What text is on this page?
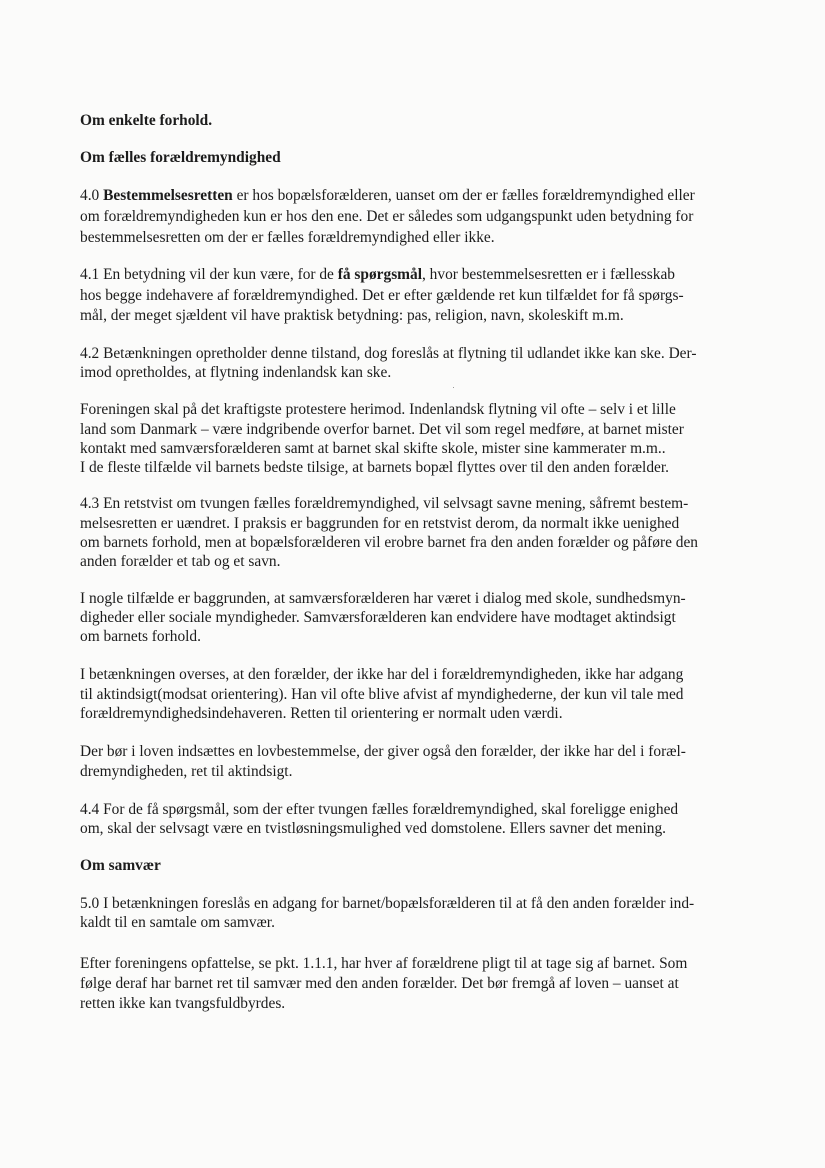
Om enkelte forhold.
Om fælles forældremyndighed
4.0 Bestemmelsesretten er hos bopælsforælderen, uanset om der er fælles forældremyndighed eller
om forældremyndigheden kun er hos den ene. Det er således som udgangspunkt uden betydning for
bestemmelsesretten om der er fælles forældremyndighed eller ikke.
4.1 En betydning vil der kun være, for de få spørgsmål, hvor bestemmelsesretten er i fællesskab
hos begge indehavere af forældremyndighed. Det er efter gældende ret kun tilfældet for få spørgs-
mål, der meget sjældent vil have praktisk betydning: pas, religion, navn, skoleskift m.m.
4.2 Betænkningen opretholder denne tilstand, dog foreslås at flytning til udlandet ikke kan ske. Der-
imod opretholdes, at flytning indenlandsk kan ske.
Foreningen skal på det kraftigste protestere herimod. Indenlandsk flytning vil ofte – selv i et lille
land som Danmark – være indgribende overfor barnet. Det vil som regel medføre, at barnet mister
kontakt med samværsforælderen samt at barnet skal skifte skole, mister sine kammerater m.m..
I de fleste tilfælde vil barnets bedste tilsige, at barnets bopæl flyttes over til den anden forælder.
4.3 En retstvist om tvungen fælles forældremyndighed, vil selvsagt savne mening, såfremt bestem-
melsesretten er uændret. I praksis er baggrunden for en retstvist derom, da normalt ikke uenighed
om barnets forhold, men at bopælsforælderen vil erobre barnet fra den anden forælder og påføre den
anden forælder et tab og et savn.
I nogle tilfælde er baggrunden, at samværsforælderen har været i dialog med skole, sundhedsmyn-
digheder eller sociale myndigheder. Samværsforælderen kan endvidere have modtaget aktindsigt
om barnets forhold.
I betænkningen overses, at den forælder, der ikke har del i forældremyndigheden, ikke har adgang
til aktindsigt(modsat orientering). Han vil ofte blive afvist af myndighederne, der kun vil tale med
forældremyndighedsindehaveren. Retten til orientering er normalt uden værdi.
Der bør i loven indsættes en lovbestemmelse, der giver også den forælder, der ikke har del i foræl-
dremyndigheden, ret til aktindsigt.
4.4 For de få spørgsmål, som der efter tvungen fælles forældremyndighed, skal foreligge enighed
om, skal der selvsagt være en tvistløsningsmulighed ved domstolene. Ellers savner det mening.
Om samvær
5.0 I betænkningen foreslås en adgang for barnet/bopælsforælderen til at få den anden forælder ind-
kaldt til en samtale om samvær.
Efter foreningens opfattelse, se pkt. 1.1.1, har hver af forældrene pligt til at tage sig af barnet. Som
følge deraf har barnet ret til samvær med den anden forælder. Det bør fremgå af loven – uanset at
retten ikke kan tvangsfuldbyrdes.
